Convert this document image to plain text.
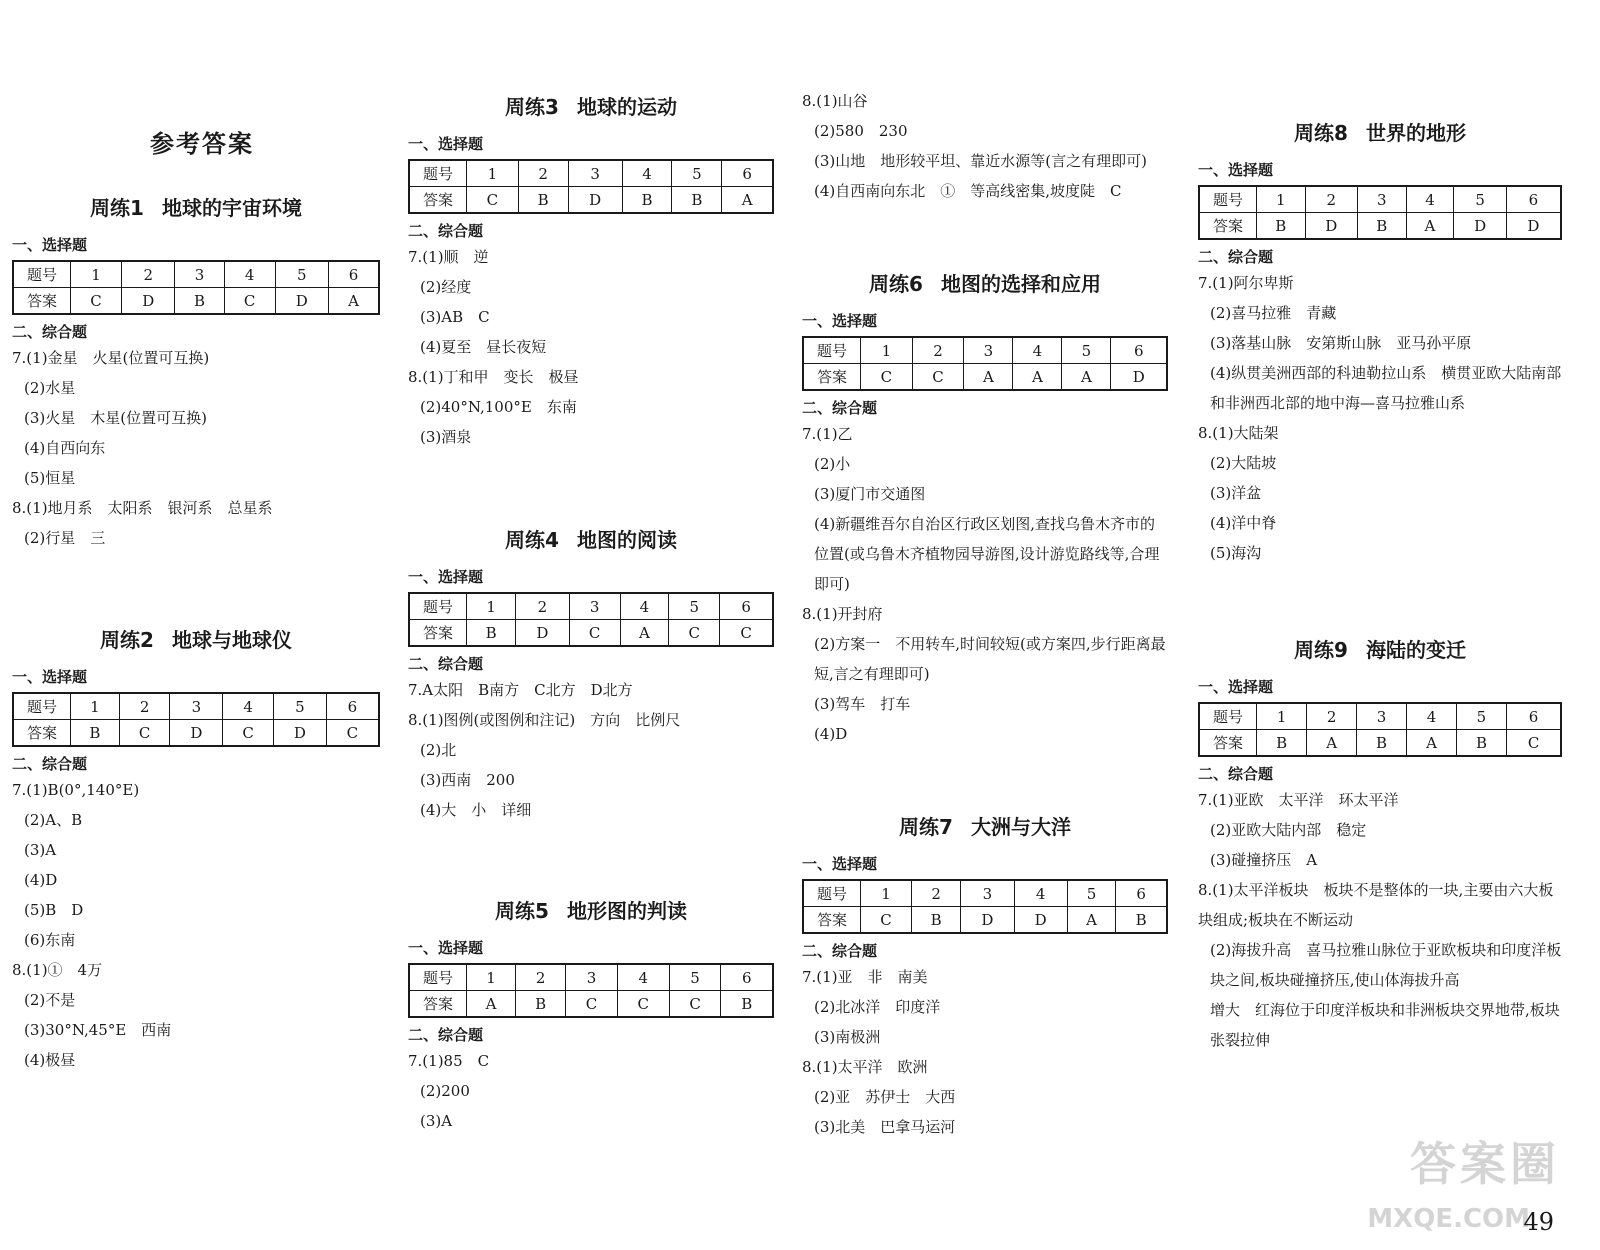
参考答案
周练1 地球的宇宙环境
一、选择题
题号	1	2	3	4	5	6
答案	C	D	B	C	D	A
二、综合题
7.(1)金星　火星(位置可互换)
(2)水星
(3)火星　木星(位置可互换)
(4)自西向东
(5)恒星
8.(1)地月系　太阳系　银河系　总星系
(2)行星　三
周练2 地球与地球仪
一、选择题
题号	1	2	3	4	5	6
答案	B	C	D	C	D	C
二、综合题
7.(1)B(0°,140°E)
(2)A、B
(3)A
(4)D
(5)B　D
(6)东南
8.(1)①　4万
(2)不是
(3)30°N,45°E　西南
(4)极昼
周练3 地球的运动
一、选择题
题号	1	2	3	4	5	6
答案	C	B	D	B	B	A
二、综合题
7.(1)顺　逆
(2)经度
(3)AB　C
(4)夏至　昼长夜短
8.(1)丁和甲　变长　极昼
(2)40°N,100°E　东南
(3)酒泉
周练4 地图的阅读
一、选择题
题号	1	2	3	4	5	6
答案	B	D	C	A	C	C
二、综合题
7.A太阳　B南方　C北方　D北方
8.(1)图例(或图例和注记)　方向　比例尺
(2)北
(3)西南　200
(4)大　小　详细
周练5 地形图的判读
一、选择题
题号	1	2	3	4	5	6
答案	A	B	C	C	C	B
二、综合题
7.(1)85　C
(2)200
(3)A
8.(1)山谷
(2)580　230
(3)山地　地形较平坦、靠近水源等(言之有理即可)
(4)自西南向东北　①　等高线密集,坡度陡　C
周练6 地图的选择和应用
一、选择题
题号	1	2	3	4	5	6
答案	C	C	A	A	A	D
二、综合题
7.(1)乙
(2)小
(3)厦门市交通图
(4)新疆维吾尔自治区行政区划图,查找乌鲁木齐市的位置(或乌鲁木齐植物园导游图,设计游览路线等,合理即可)
8.(1)开封府
(2)方案一　不用转车,时间较短(或方案四,步行距离最短,言之有理即可)
(3)驾车　打车
(4)D
周练7 大洲与大洋
一、选择题
题号	1	2	3	4	5	6
答案	C	B	D	D	A	B
二、综合题
7.(1)亚　非　南美
(2)北冰洋　印度洋
(3)南极洲
8.(1)太平洋　欧洲
(2)亚　苏伊士　大西
(3)北美　巴拿马运河
周练8 世界的地形
一、选择题
题号	1	2	3	4	5	6
答案	B	D	B	A	D	D
二、综合题
7.(1)阿尔卑斯
(2)喜马拉雅　青藏
(3)落基山脉　安第斯山脉　亚马孙平原
(4)纵贯美洲西部的科迪勒拉山系　横贯亚欧大陆南部和非洲西北部的地中海—喜马拉雅山系
8.(1)大陆架
(2)大陆坡
(3)洋盆
(4)洋中脊
(5)海沟
周练9 海陆的变迁
一、选择题
题号	1	2	3	4	5	6
答案	B	A	B	A	B	C
二、综合题
7.(1)亚欧　太平洋　环太平洋
(2)亚欧大陆内部　稳定
(3)碰撞挤压　A
8.(1)太平洋板块　板块不是整体的一块,主要由六大板块组成;板块在不断运动
(2)海拔升高　喜马拉雅山脉位于亚欧板块和印度洋板块之间,板块碰撞挤压,使山体海拔升高
增大　红海位于印度洋板块和非洲板块交界地带,板块张裂拉伸
答案圈
MXQE.COM
49
